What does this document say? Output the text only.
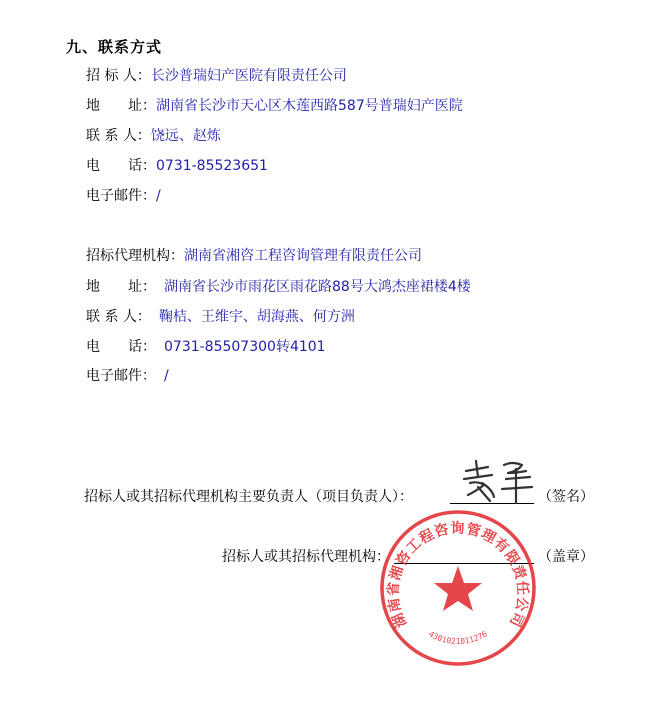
九、联系方式
招 标 人：长沙普瑞妇产医院有限责任公司
地　　址：湖南省长沙市天心区木莲西路587号普瑞妇产医院
联 系 人：饶远、赵炼
电　　话：0731-85523651
电子邮件：/
招标代理机构：湖南省湘咨工程咨询管理有限责任公司
地　　址： 湖南省长沙市雨花区雨花路88号大鸿杰座裙楼4楼
联 系 人： 鞠桔、王维宇、胡海燕、何方洲
电　　话： 0731-85507300转4101
电子邮件： /
招标人或其招标代理机构主要负责人（项目负责人）：	（签名）
招标人或其招标代理机构：	（盖章）
湖南省湘咨工程咨询管理有限责任公司
4301021011276
